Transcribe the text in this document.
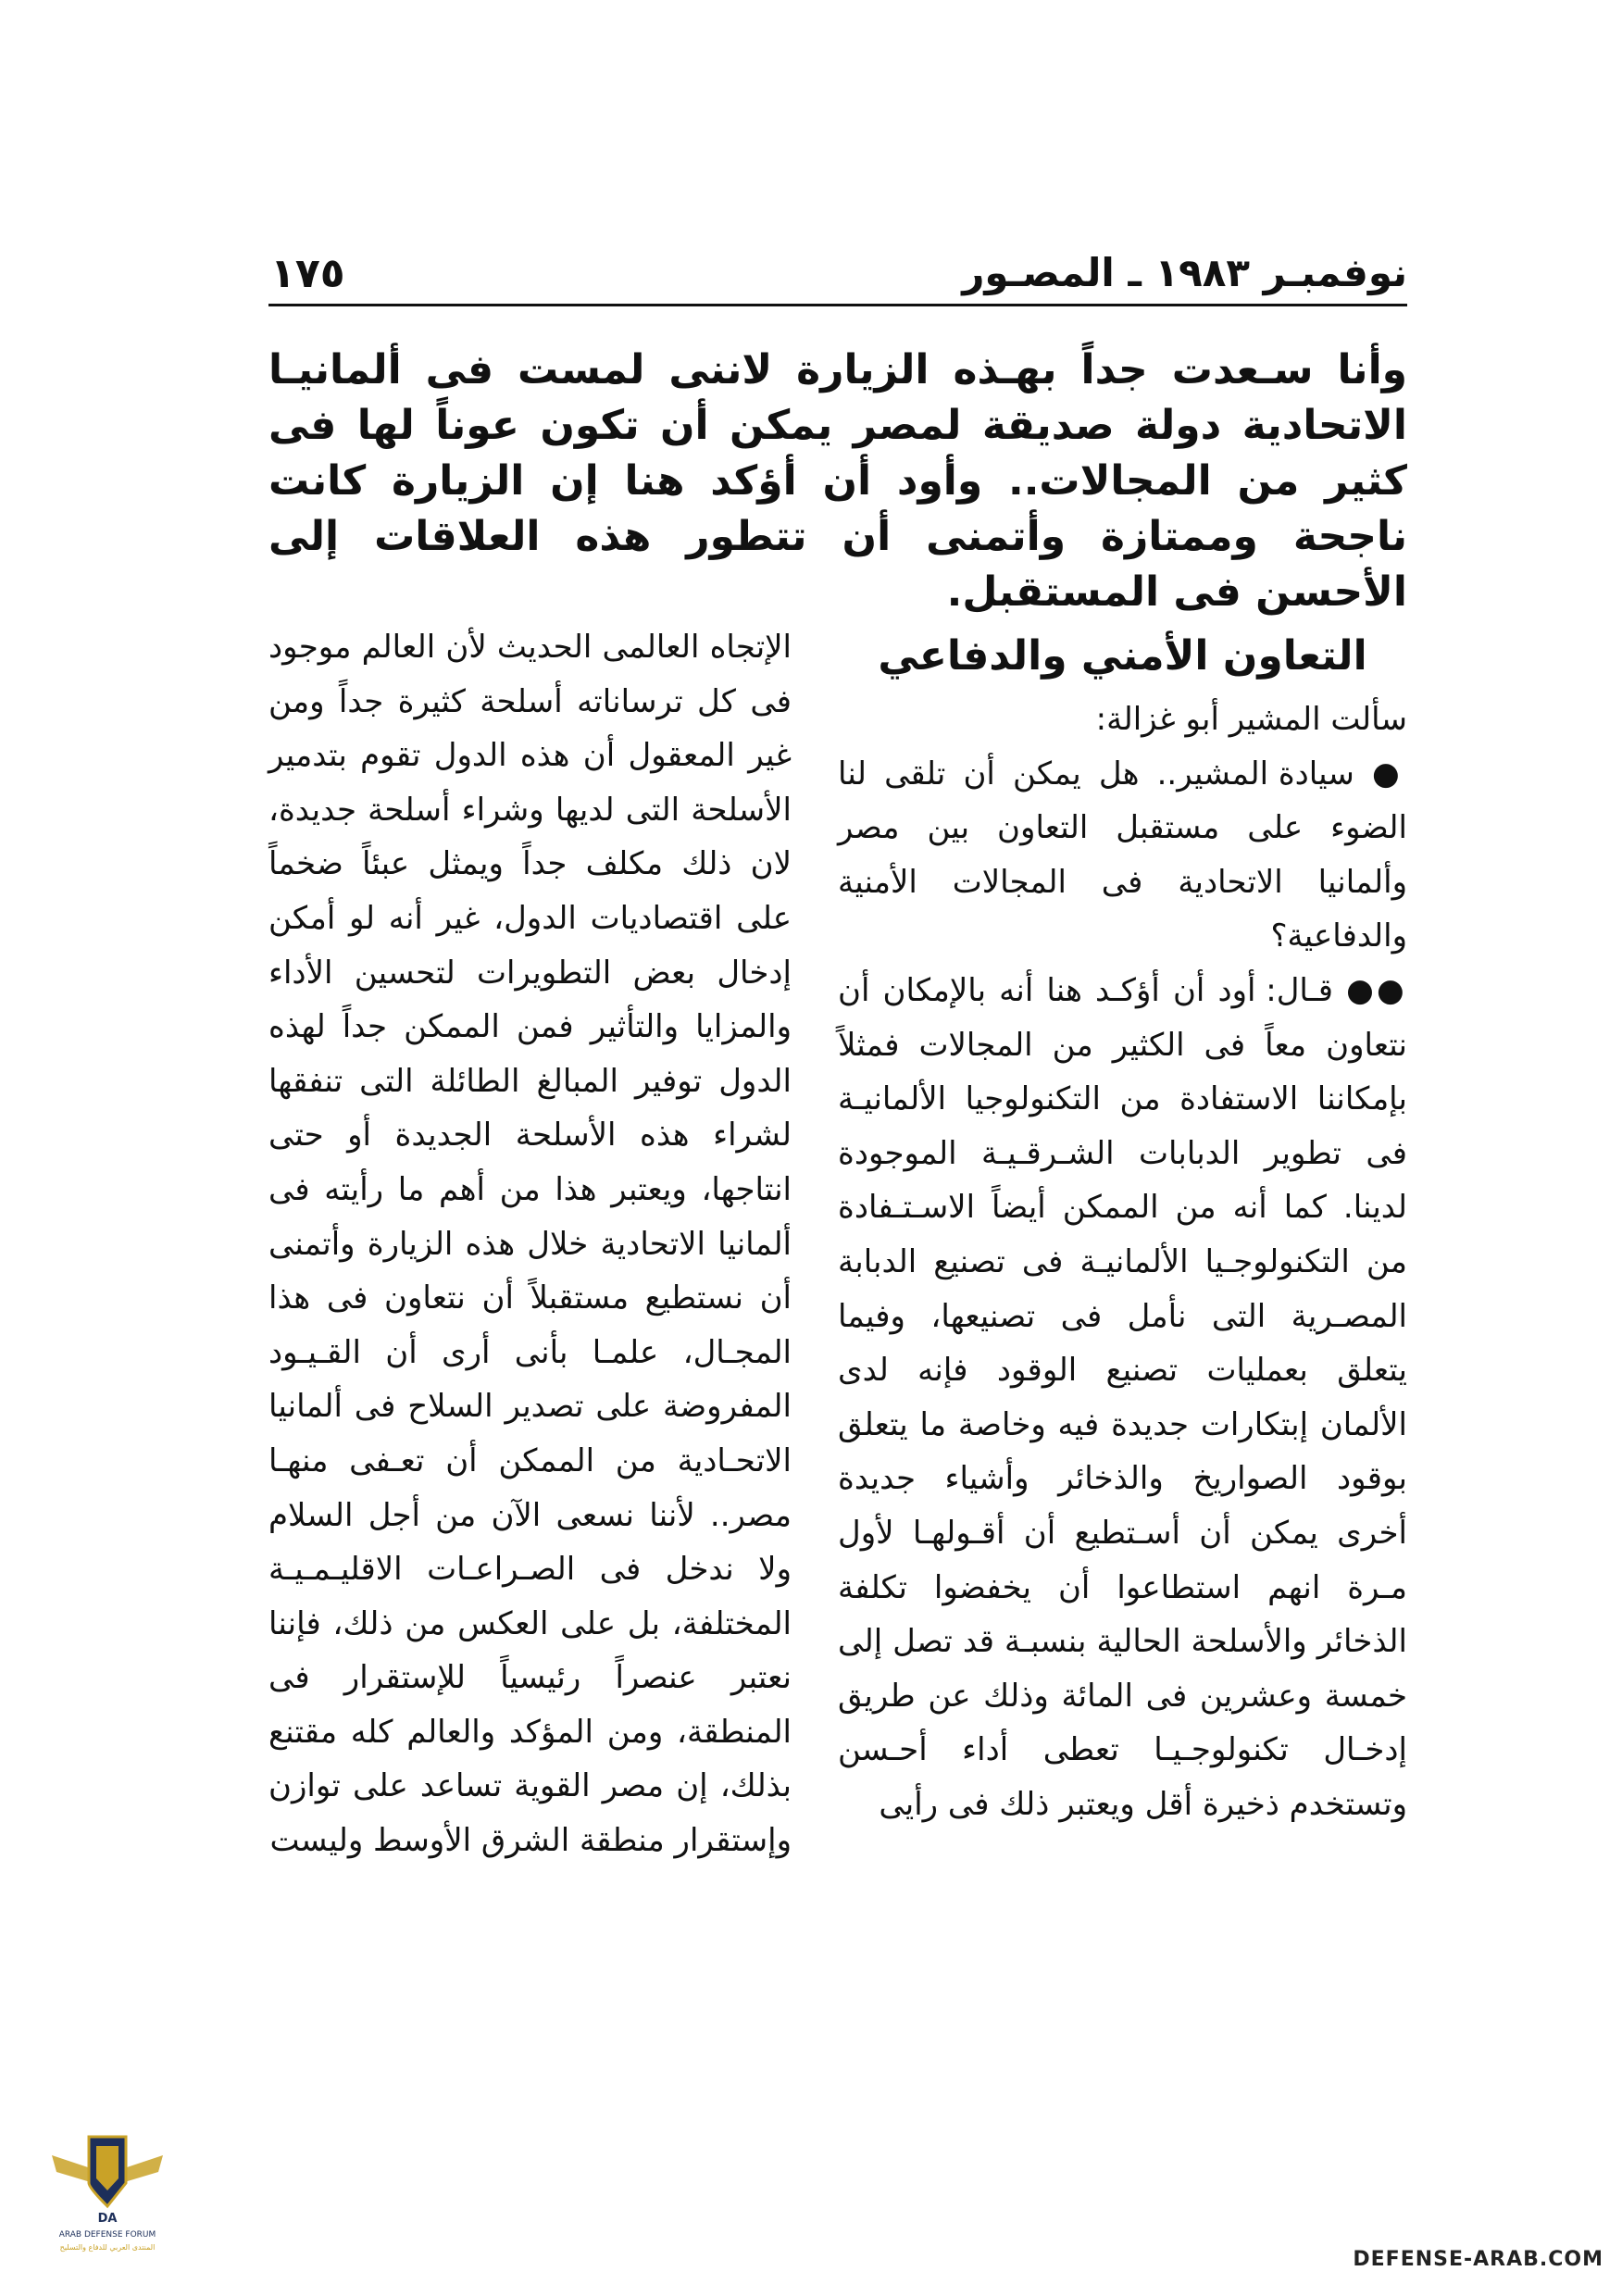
١٧٥	نوفمبـر ١٩٨٣ ـ المصـور
وأنا سـعدت جداً بهـذه الزيارة لاننى لمست فى ألمانيـا الاتحادية دولة صديقة لمصر يمكن أن تكون عوناً لها فى كثير من المجالات.. وأود أن أؤكد هنا إن الزيارة كانت ناجحة وممتازة وأتمنى أن تتطور هذه العلاقات إلى الأحسن فى المستقبل.
التعاون الأمني والدفاعي

سألت المشير أبو غزالة:

● سيادة المشير.. هل يمكن أن تلقى لنا الضوء على مستقبل التعاون بين مصر وألمانيا الاتحادية فى المجالات الأمنية والدفاعية؟

●● قـال: أود أن أؤكـد هنا أنه بالإمكان أن نتعاون معاً فى الكثير من المجالات فمثلاً بإمكاننا الاستفادة من التكنولوجيا الألمانيـة فى تطوير الدبابات الشـرقـيـة الموجودة لدينا. كما أنه من الممكن أيضاً الاسـتـفادة من التكنولوجـيا الألمانيـة فى تصنيع الدبابة المصـرية التى نأمل فى تصنيعها، وفيما يتعلق بعمليات تصنيع الوقود فإنه لدى الألمان إبتكارات جديدة فيه وخاصة ما يتعلق بوقود الصواريخ والذخائر وأشياء جديدة أخرى يمكن أن أسـتطيع أن أقـولهـا لأول مـرة انهم استطاعوا أن يخفضوا تكلفة الذخائر والأسلحة الحالية بنسبـة قد تصل إلى خمسة وعشرين فى المائة وذلك عن طريق إدخـال تكنولوجـيـا تعطى أداء أحـسن وتستخدم ذخيرة أقل ويعتبر ذلك فى رأيى

الإتجاه العالمى الحديث لأن العالم موجود فى كل ترساناته أسلحة كثيرة جداً ومن غير المعقول أن هذه الدول تقوم بتدمير الأسلحة التى لديها وشراء أسلحة جديدة، لان ذلك مكلف جداً ويمثل عبئاً ضخماً على اقتصاديات الدول، غير أنه لو أمكن إدخال بعض التطويرات لتحسين الأداء والمزايا والتأثير فمن الممكن جداً لهذه الدول توفير المبالغ الطائلة التى تنفقها لشراء هذه الأسلحة الجديدة أو حتى انتاجها، ويعتبر هذا من أهم ما رأيته فى ألمانيا الاتحادية خلال هذه الزيارة وأتمنى أن نستطيع مستقبلاً أن نتعاون فى هذا المجـال، علمـا بأنى أرى أن القـيـود المفروضة على تصدير السلاح فى ألمانيا الاتحـادية من الممكن أن تعـفى منهـا مصر.. لأننا نسعى الآن من أجل السلام ولا ندخل فى الصـراعـات الاقليـمـيـة المختلفة، بل على العكس من ذلك، فإننا نعتبر عنصراً رئيسياً للإستقرار فى المنطقة، ومن المؤكد والعالم كله مقتنع بذلك، إن مصر القوية تساعد على توازن وإستقرار منطقة الشرق الأوسط وليست

DA
ARAB DEFENSE FORUM
المنتدى العربي للدفاع والتسليح
DEFENSE-ARAB.COM
